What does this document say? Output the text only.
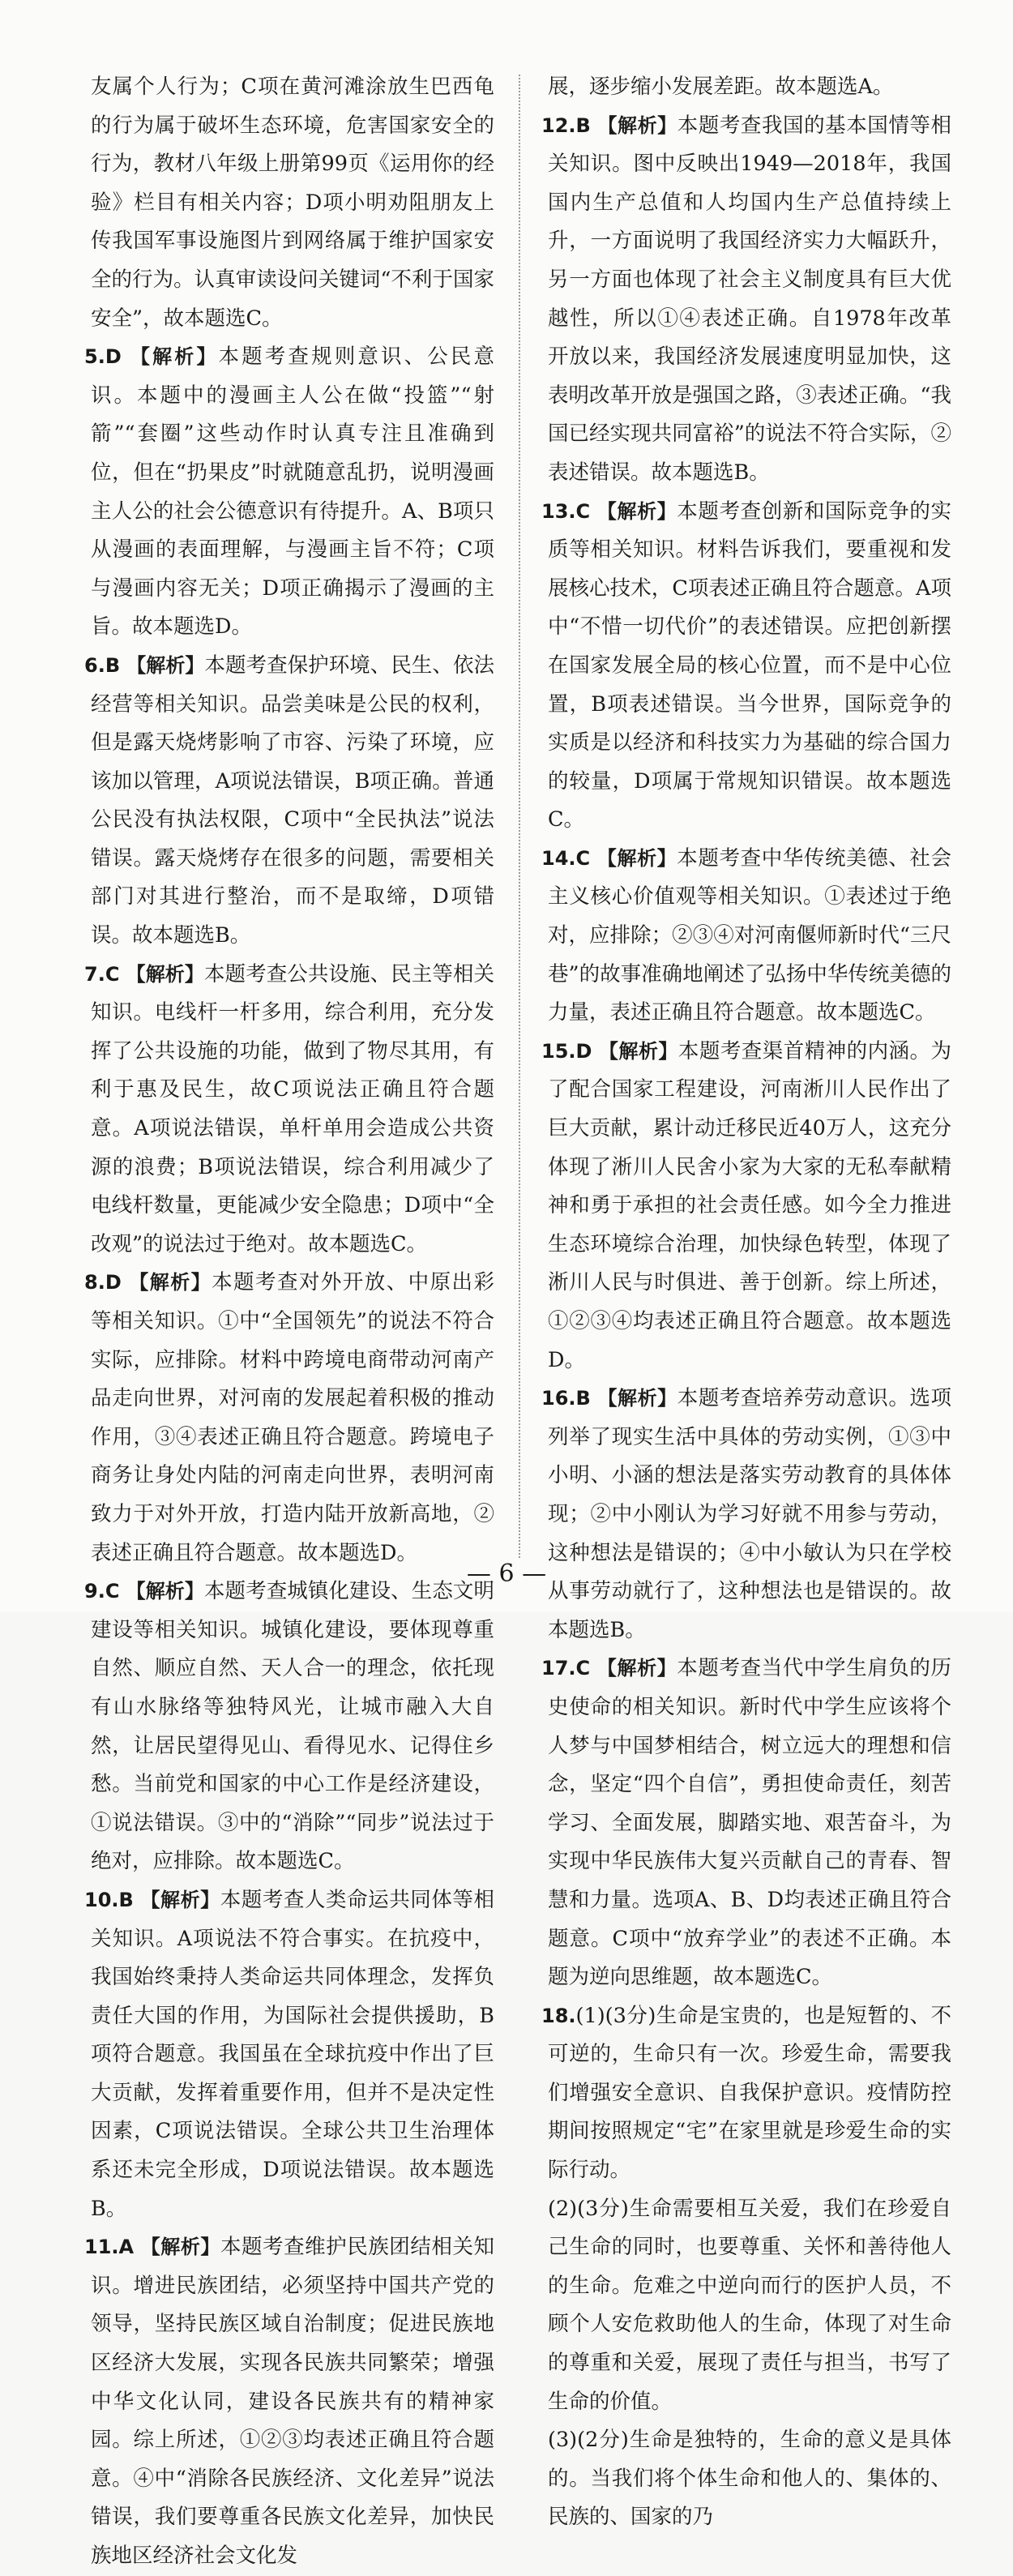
友属个人行为；C项在黄河滩涂放生巴西龟的行为属于破坏生态环境，危害国家安全的行为，教材八年级上册第99页《运用你的经验》栏目有相关内容；D项小明劝阻朋友上传我国军事设施图片到网络属于维护国家安全的行为。认真审读设问关键词“不利于国家安全”，故本题选C。

5.D 【解析】本题考查规则意识、公民意识。本题中的漫画主人公在做“投篮”“射箭”“套圈”这些动作时认真专注且准确到位，但在“扔果皮”时就随意乱扔，说明漫画主人公的社会公德意识有待提升。A、B项只从漫画的表面理解，与漫画主旨不符；C项与漫画内容无关；D项正确揭示了漫画的主旨。故本题选D。

6.B 【解析】本题考查保护环境、民生、依法经营等相关知识。品尝美味是公民的权利，但是露天烧烤影响了市容、污染了环境，应该加以管理，A项说法错误，B项正确。普通公民没有执法权限，C项中“全民执法”说法错误。露天烧烤存在很多的问题，需要相关部门对其进行整治，而不是取缔，D项错误。故本题选B。

7.C 【解析】本题考查公共设施、民主等相关知识。电线杆一杆多用，综合利用，充分发挥了公共设施的功能，做到了物尽其用，有利于惠及民生，故C项说法正确且符合题意。A项说法错误，单杆单用会造成公共资源的浪费；B项说法错误，综合利用减少了电线杆数量，更能减少安全隐患；D项中“全改观”的说法过于绝对。故本题选C。

8.D 【解析】本题考查对外开放、中原出彩等相关知识。①中“全国领先”的说法不符合实际，应排除。材料中跨境电商带动河南产品走向世界，对河南的发展起着积极的推动作用，③④表述正确且符合题意。跨境电子商务让身处内陆的河南走向世界，表明河南致力于对外开放，打造内陆开放新高地，②表述正确且符合题意。故本题选D。

9.C 【解析】本题考查城镇化建设、生态文明建设等相关知识。城镇化建设，要体现尊重自然、顺应自然、天人合一的理念，依托现有山水脉络等独特风光，让城市融入大自然，让居民望得见山、看得见水、记得住乡愁。当前党和国家的中心工作是经济建设，①说法错误。③中的“消除”“同步”说法过于绝对，应排除。故本题选C。

10.B 【解析】本题考查人类命运共同体等相关知识。A项说法不符合事实。在抗疫中，我国始终秉持人类命运共同体理念，发挥负责任大国的作用，为国际社会提供援助，B项符合题意。我国虽在全球抗疫中作出了巨大贡献，发挥着重要作用，但并不是决定性因素，C项说法错误。全球公共卫生治理体系还未完全形成，D项说法错误。故本题选B。

11.A 【解析】本题考查维护民族团结相关知识。增进民族团结，必须坚持中国共产党的领导，坚持民族区域自治制度；促进民族地区经济大发展，实现各民族共同繁荣；增强中华文化认同，建设各民族共有的精神家园。综上所述，①②③均表述正确且符合题意。④中“消除各民族经济、文化差异”说法错误，我们要尊重各民族文化差异，加快民族地区经济社会文化发

展，逐步缩小发展差距。故本题选A。

12.B 【解析】本题考查我国的基本国情等相关知识。图中反映出1949—2018年，我国国内生产总值和人均国内生产总值持续上升，一方面说明了我国经济实力大幅跃升，另一方面也体现了社会主义制度具有巨大优越性，所以①④表述正确。自1978年改革开放以来，我国经济发展速度明显加快，这表明改革开放是强国之路，③表述正确。“我国已经实现共同富裕”的说法不符合实际，②表述错误。故本题选B。

13.C 【解析】本题考查创新和国际竞争的实质等相关知识。材料告诉我们，要重视和发展核心技术，C项表述正确且符合题意。A项中“不惜一切代价”的表述错误。应把创新摆在国家发展全局的核心位置，而不是中心位置，B项表述错误。当今世界，国际竞争的实质是以经济和科技实力为基础的综合国力的较量，D项属于常规知识错误。故本题选C。

14.C 【解析】本题考查中华传统美德、社会主义核心价值观等相关知识。①表述过于绝对，应排除；②③④对河南偃师新时代“三尺巷”的故事准确地阐述了弘扬中华传统美德的力量，表述正确且符合题意。故本题选C。

15.D 【解析】本题考查渠首精神的内涵。为了配合国家工程建设，河南淅川人民作出了巨大贡献，累计动迁移民近40万人，这充分体现了淅川人民舍小家为大家的无私奉献精神和勇于承担的社会责任感。如今全力推进生态环境综合治理，加快绿色转型，体现了淅川人民与时俱进、善于创新。综上所述，①②③④均表述正确且符合题意。故本题选D。

16.B 【解析】本题考查培养劳动意识。选项列举了现实生活中具体的劳动实例，①③中小明、小涵的想法是落实劳动教育的具体体现；②中小刚认为学习好就不用参与劳动，这种想法是错误的；④中小敏认为只在学校从事劳动就行了，这种想法也是错误的。故本题选B。

17.C 【解析】本题考查当代中学生肩负的历史使命的相关知识。新时代中学生应该将个人梦与中国梦相结合，树立远大的理想和信念，坚定“四个自信”，勇担使命责任，刻苦学习、全面发展，脚踏实地、艰苦奋斗，为实现中华民族伟大复兴贡献自己的青春、智慧和力量。选项A、B、D均表述正确且符合题意。C项中“放弃学业”的表述不正确。本题为逆向思维题，故本题选C。

18.(1)(3分)生命是宝贵的，也是短暂的、不可逆的，生命只有一次。珍爱生命，需要我们增强安全意识、自我保护意识。疫情防控期间按照规定“宅”在家里就是珍爱生命的实际行动。

(2)(3分)生命需要相互关爱，我们在珍爱自己生命的同时，也要尊重、关怀和善待他人的生命。危难之中逆向而行的医护人员，不顾个人安危救助他人的生命，体现了对生命的尊重和关爱，展现了责任与担当，书写了生命的价值。

(3)(2分)生命是独特的，生命的意义是具体的。当我们将个体生命和他人的、集体的、民族的、国家的乃

— 6 —
